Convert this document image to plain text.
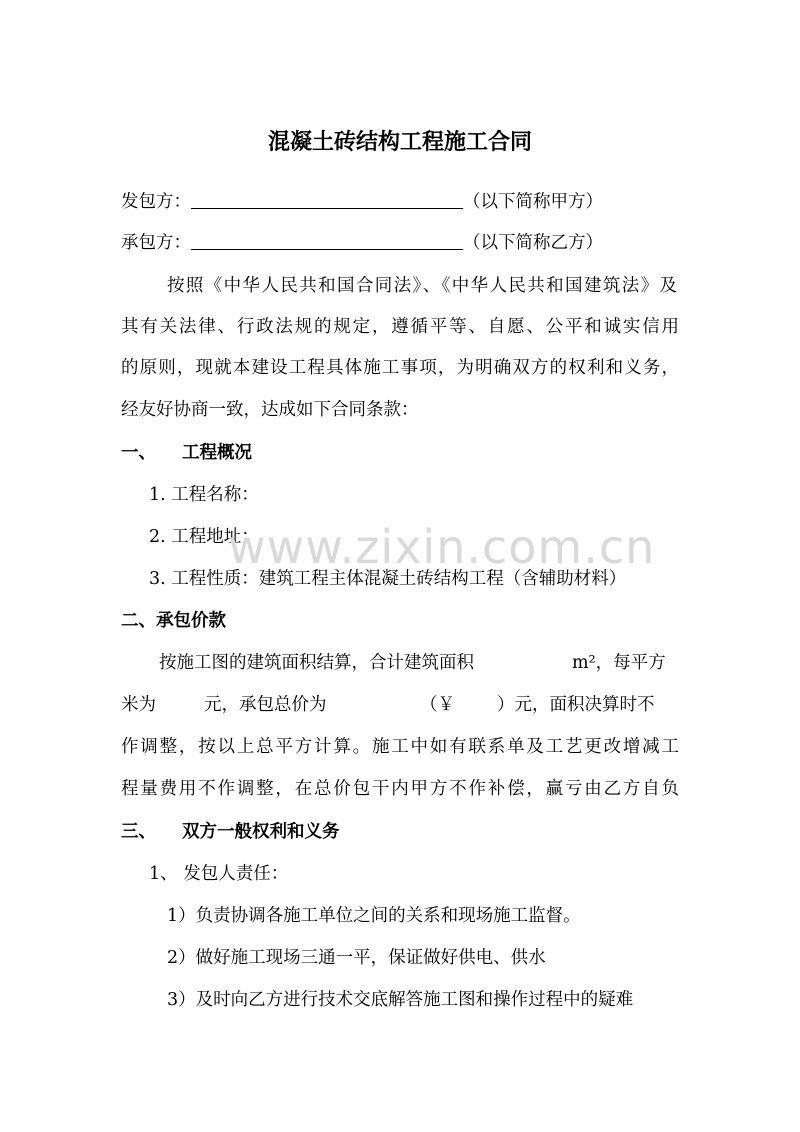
混凝土砖结构工程施工合同
发包方：	（以下简称甲方）
承包方：	（以下简称乙方）
按照《中华人民共和国合同法》、《中华人民共和国建筑法》及
其有关法律、行政法规的规定，遵循平等、自愿、公平和诚实信用
的原则，现就本建设工程具体施工事项，为明确双方的权利和义务，
经友好协商一致，达成如下合同条款：
一、 工程概况
1. 工程名称：
2. 工程地址：
3. 工程性质：建筑工程主体混凝土砖结构工程（含辅助材料）
二、承包价款
按施工图的建筑面积结算，合计建筑面积	m²，每平方
米为	元，承包总价为	（￥ ）元，面积决算时不
作调整，按以上总平方计算。施工中如有联系单及工艺更改增减工
程量费用不作调整，在总价包干内甲方不作补偿，赢亏由乙方自负
三、 双方一般权利和义务
1、 发包人责任：
1）负责协调各施工单位之间的关系和现场施工监督。
2）做好施工现场三通一平，保证做好供电、供水
3）及时向乙方进行技术交底解答施工图和操作过程中的疑难
www.zixin.com.cn
